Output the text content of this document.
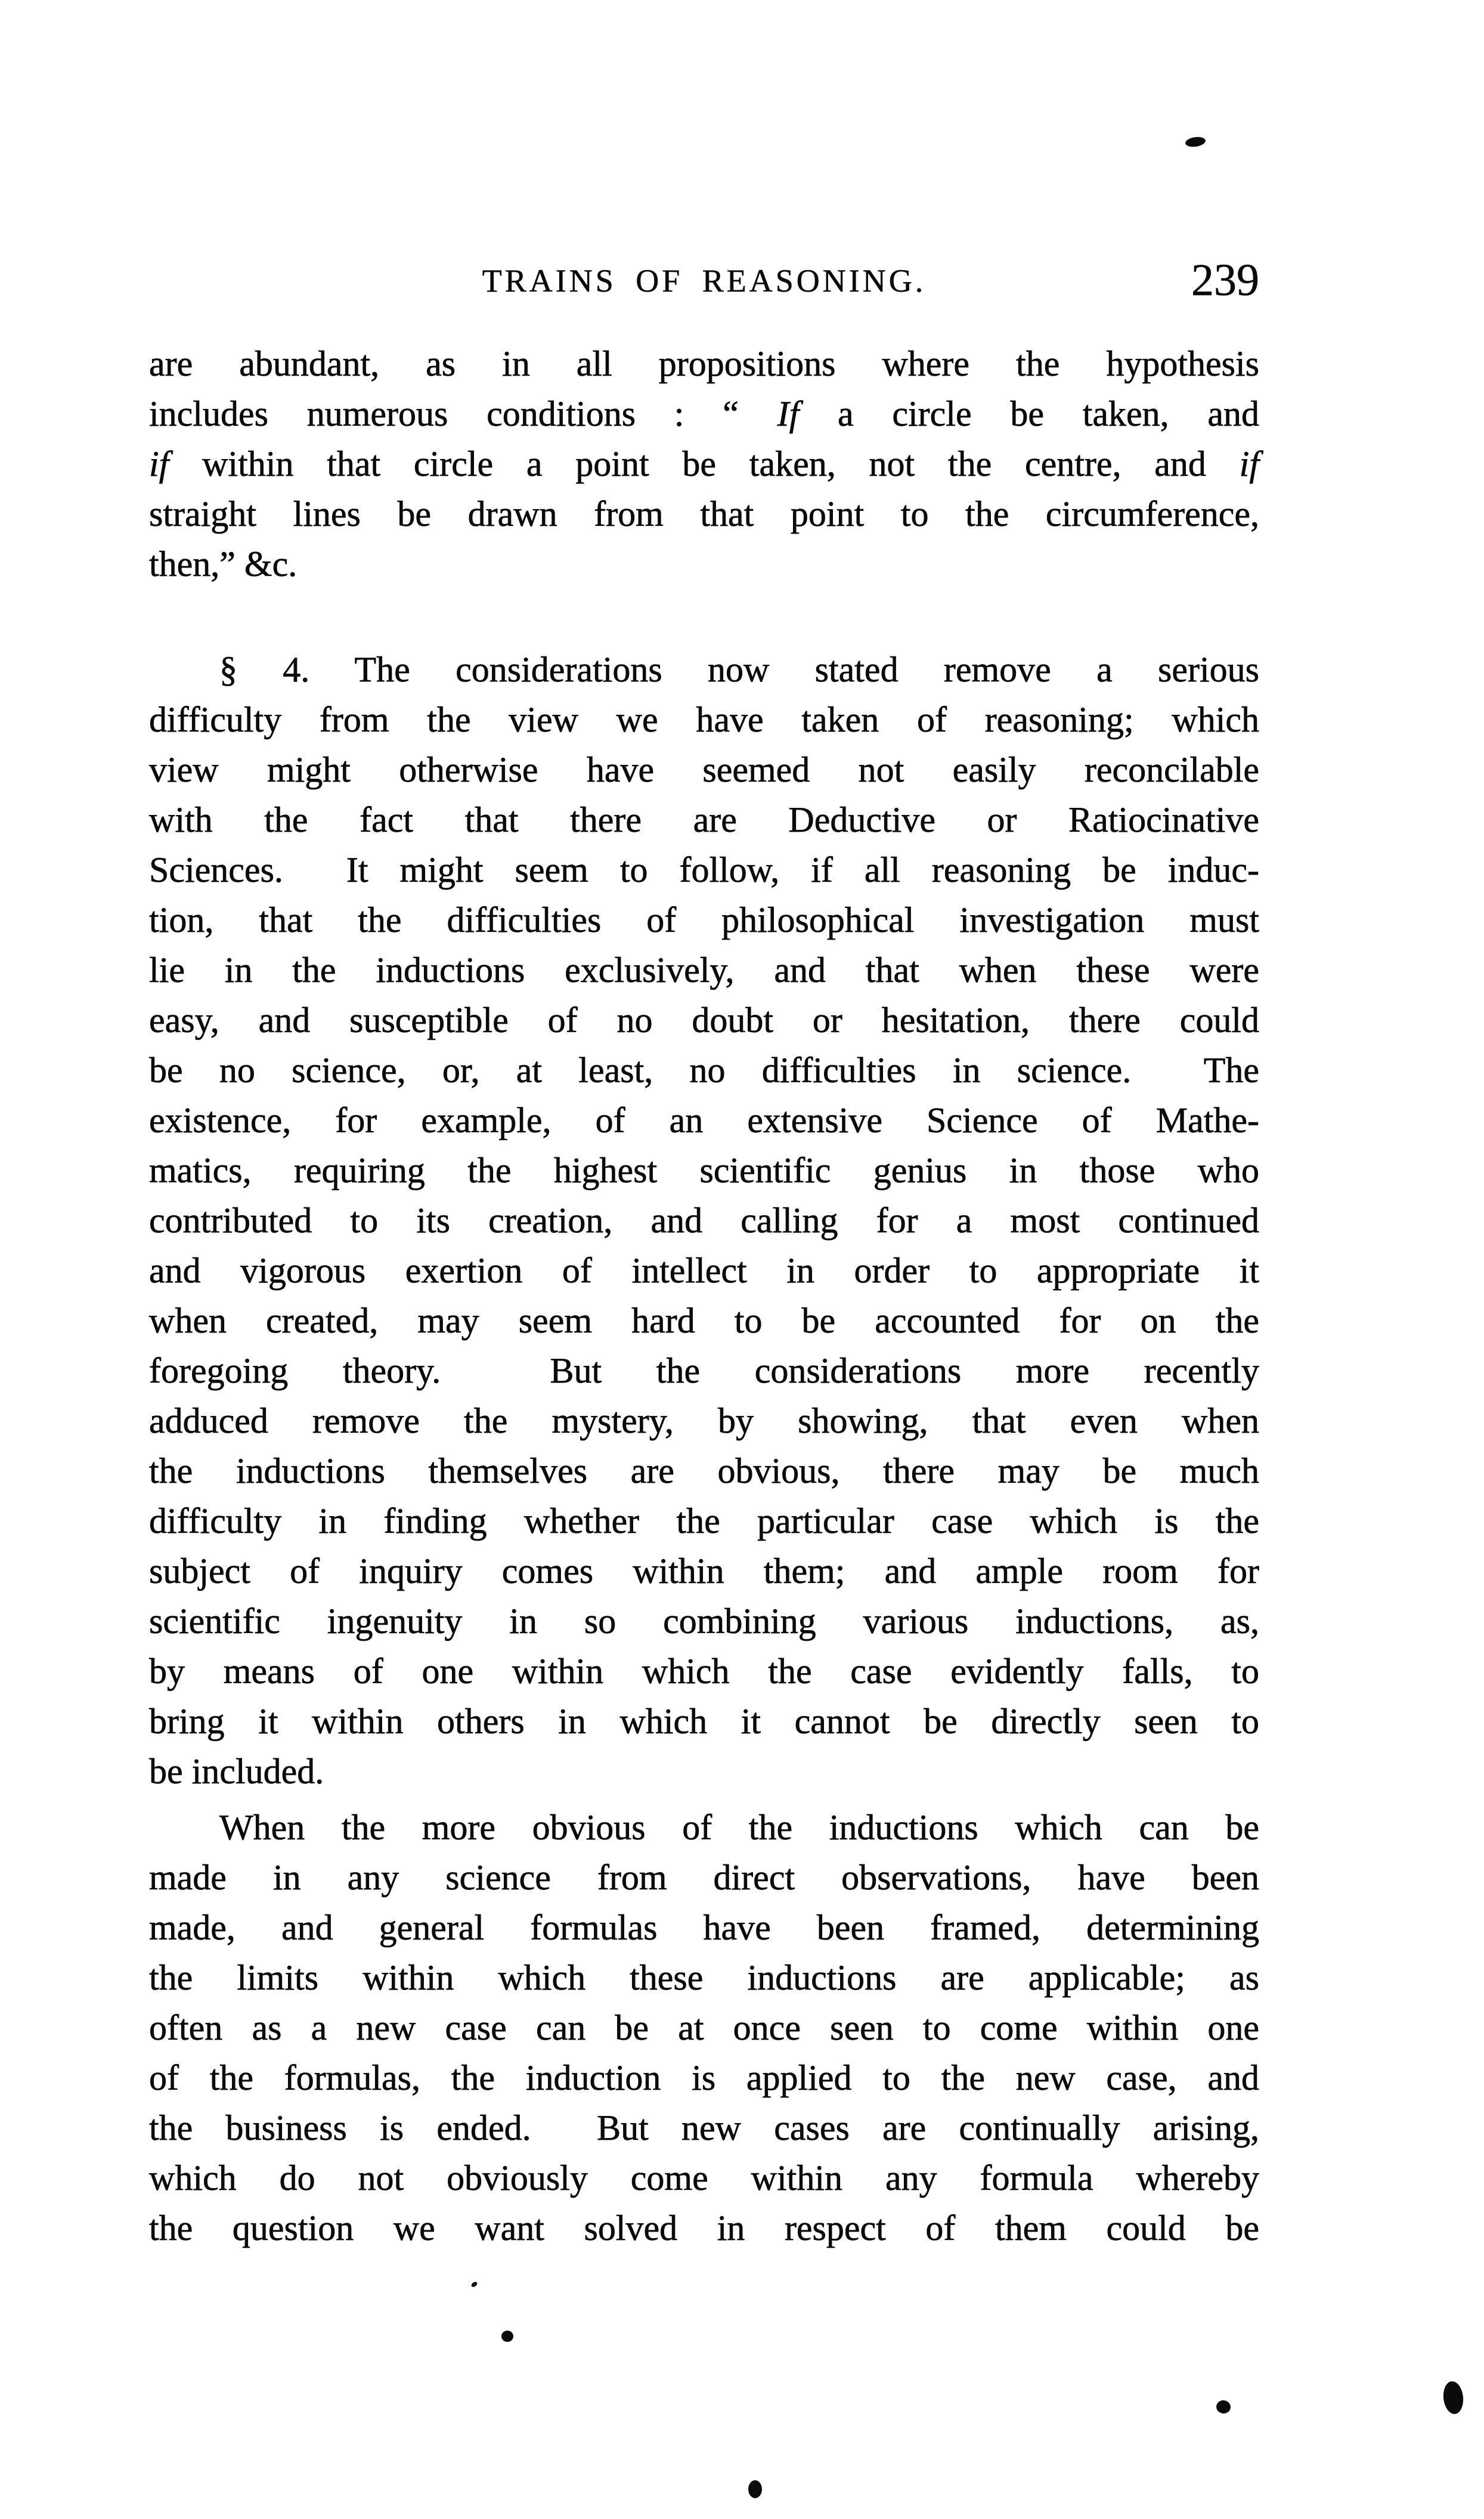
TRAINS OF REASONING.	239
are abundant, as in all propositions where the hypothesis
includes numerous conditions : “ If a circle be taken, and
if within that circle a point be taken, not the centre, and if
straight lines be drawn from that point to the circumference,
then,” &c.
§ 4. The considerations now stated remove a serious
difficulty from the view we have taken of reasoning; which
view might otherwise have seemed not easily reconcilable
with the fact that there are Deductive or Ratiocinative
Sciences.  It might seem to follow, if all reasoning be induc-
tion, that the difficulties of philosophical investigation must
lie in the inductions exclusively, and that when these were
easy, and susceptible of no doubt or hesitation, there could
be no science, or, at least, no difficulties in science.  The
existence, for example, of an extensive Science of Mathe-
matics, requiring the highest scientific genius in those who
contributed to its creation, and calling for a most continued
and vigorous exertion of intellect in order to appropriate it
when created, may seem hard to be accounted for on the
foregoing theory.  But the considerations more recently
adduced remove the mystery, by showing, that even when
the inductions themselves are obvious, there may be much
difficulty in finding whether the particular case which is the
subject of inquiry comes within them; and ample room for
scientific ingenuity in so combining various inductions, as,
by means of one within which the case evidently falls, to
bring it within others in which it cannot be directly seen to
be included.
When the more obvious of the inductions which can be
made in any science from direct observations, have been
made, and general formulas have been framed, determining
the limits within which these inductions are applicable; as
often as a new case can be at once seen to come within one
of the formulas, the induction is applied to the new case, and
the business is ended.  But new cases are continually arising,
which do not obviously come within any formula whereby
the question we want solved in respect of them could be
